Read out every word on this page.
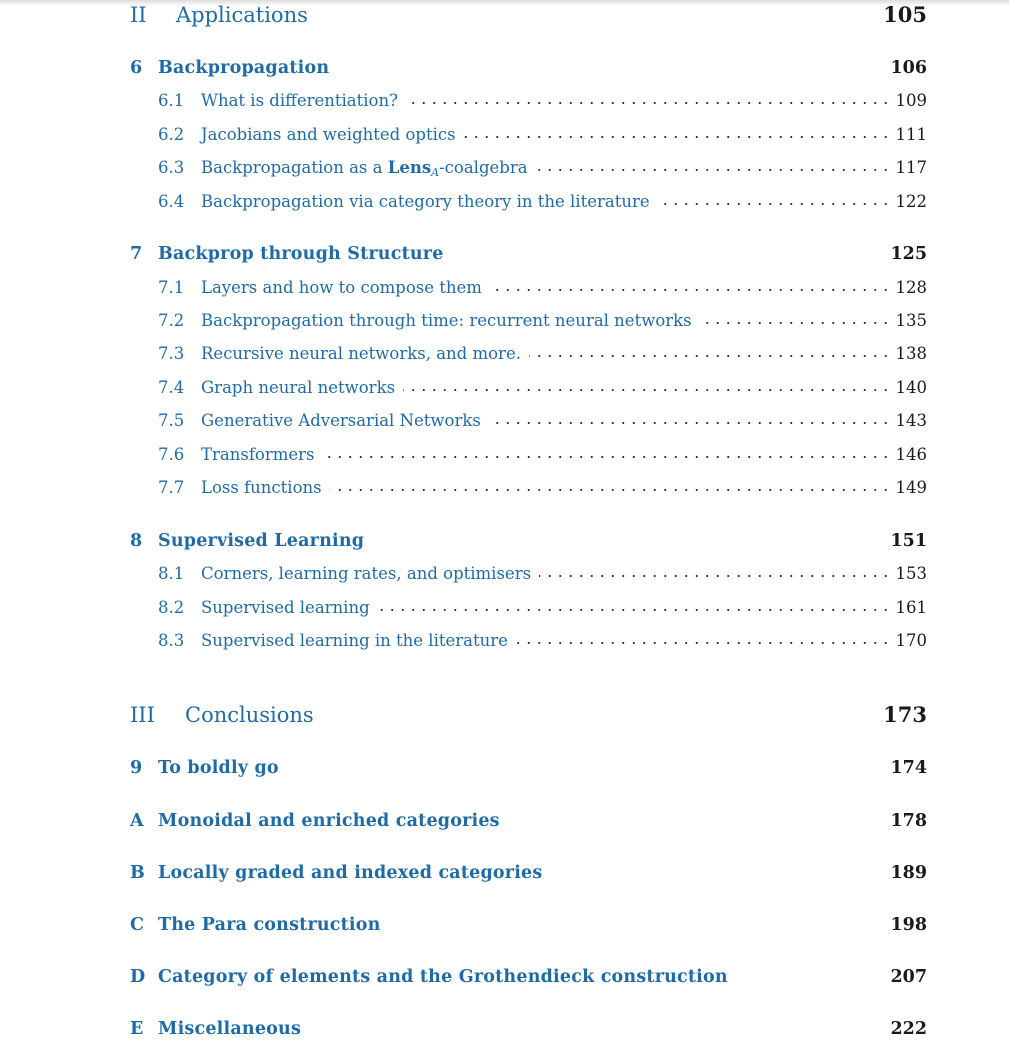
II Applications	105
6 Backpropagation	106
6.1 What is differentiation?	109
6.2 Jacobians and weighted optics	111
6.3 Backpropagation as a Lens$_A$-coalgebra	117
6.4 Backpropagation via category theory in the literature	122
7 Backprop through Structure	125
7.1 Layers and how to compose them	128
7.2 Backpropagation through time: recurrent neural networks	135
7.3 Recursive neural networks, and more.	138
7.4 Graph neural networks	140
7.5 Generative Adversarial Networks	143
7.6 Transformers	146
7.7 Loss functions	149
8 Supervised Learning	151
8.1 Corners, learning rates, and optimisers	153
8.2 Supervised learning	161
8.3 Supervised learning in the literature	170
III Conclusions	173
9 To boldly go	174
A Monoidal and enriched categories	178
B Locally graded and indexed categories	189
C The Para construction	198
D Category of elements and the Grothendieck construction	207
E Miscellaneous	222
